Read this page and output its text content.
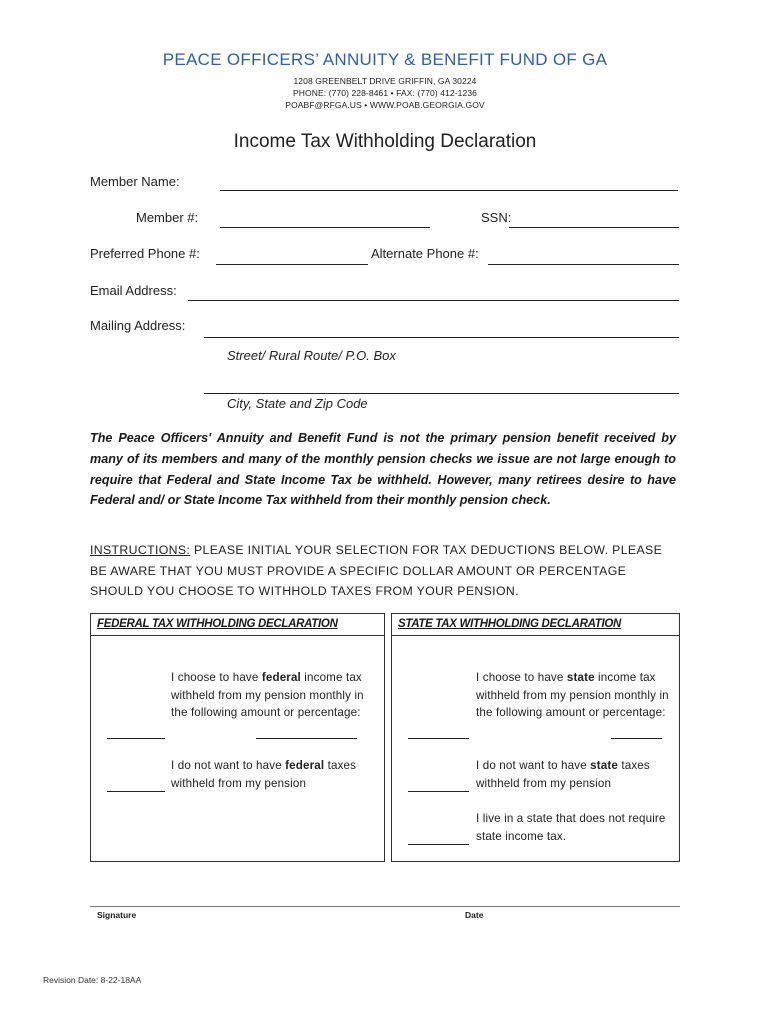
PEACE OFFICERS’ ANNUITY & BENEFIT FUND OF GA
1208 GREENBELT DRIVE GRIFFIN, GA 30224
PHONE: (770) 228-8461 • FAX: (770) 412-1236
POABF@RFGA.US • WWW.POAB.GEORGIA.GOV
Income Tax Withholding Declaration
Member Name:
Member #:	SSN:
Preferred Phone #:	Alternate Phone #:
Email Address:
Mailing Address:
Street/ Rural Route/ P.O. Box
City, State and Zip Code
The Peace Officers' Annuity and Benefit Fund is not the primary pension benefit received by many of its members and many of the monthly pension checks we issue are not large enough to require that Federal and State Income Tax be withheld. However, many retirees desire to have Federal and/ or State Income Tax withheld from their monthly pension check.
INSTRUCTIONS: PLEASE INITIAL YOUR SELECTION FOR TAX DEDUCTIONS BELOW. PLEASE BE AWARE THAT YOU MUST PROVIDE A SPECIFIC DOLLAR AMOUNT OR PERCENTAGE SHOULD YOU CHOOSE TO WITHHOLD TAXES FROM YOUR PENSION.
FEDERAL TAX WITHHOLDING DECLARATION
I choose to have federal income tax withheld from my pension monthly in the following amount or percentage:
I do not want to have federal taxes withheld from my pension
STATE TAX WITHHOLDING DECLARATION
I choose to have state income tax withheld from my pension monthly in the following amount or percentage:
I do not want to have state taxes withheld from my pension
I live in a state that does not require state income tax.
Signature	Date
Revision Date: 8-22-18AA
